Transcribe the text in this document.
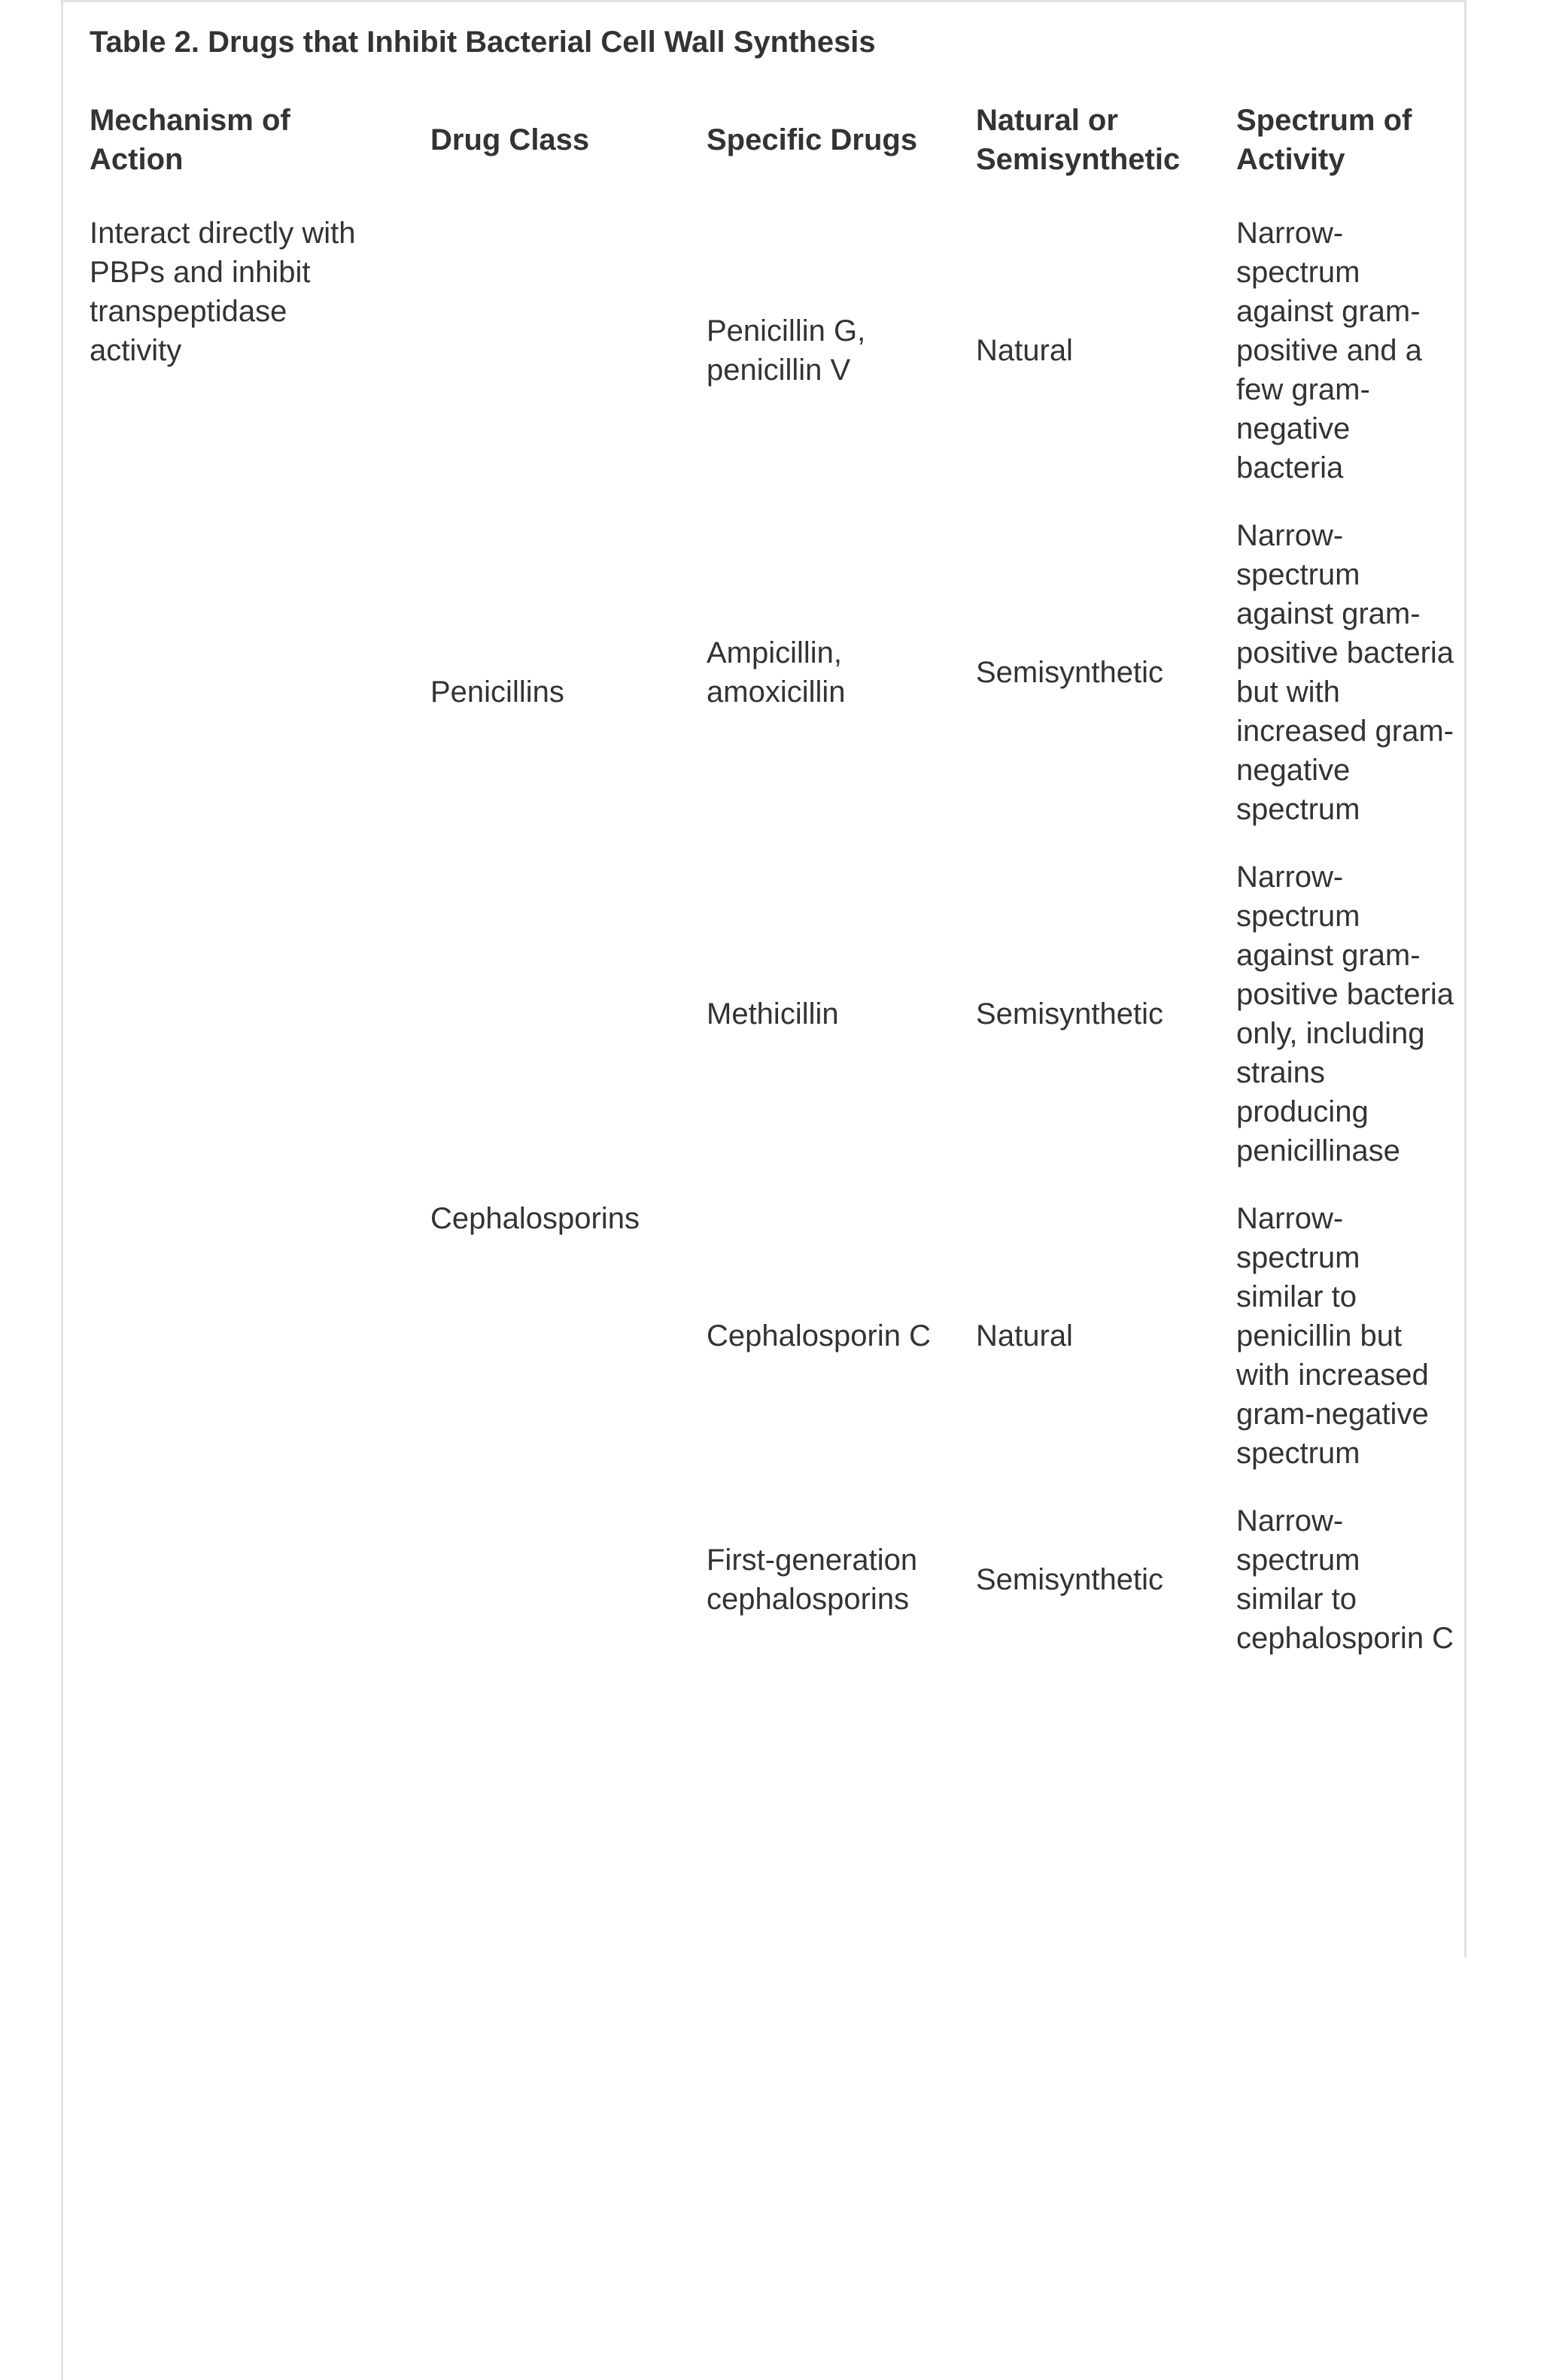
Table 2. Drugs that Inhibit Bacterial Cell Wall Synthesis
Mechanism of Action	Drug Class	Specific Drugs	Natural or Semisynthetic	Spectrum of Activity
Interact directly with PBPs and inhibit transpeptidase activity	Penicillins	Penicillin G, penicillin V	Natural	Narrow-spectrum against gram-positive and a few gram-negative bacteria
		Ampicillin, amoxicillin	Semisynthetic	Narrow-spectrum against gram-positive bacteria but with increased gram-negative spectrum
		Methicillin	Semisynthetic	Narrow-spectrum against gram-positive bacteria only, including strains producing penicillinase
	Cephalosporins	Cephalosporin C	Natural	Narrow-spectrum similar to penicillin but with increased gram-negative spectrum
		First-generation cephalosporins	Semisynthetic	Narrow-spectrum similar to cephalosporin C
